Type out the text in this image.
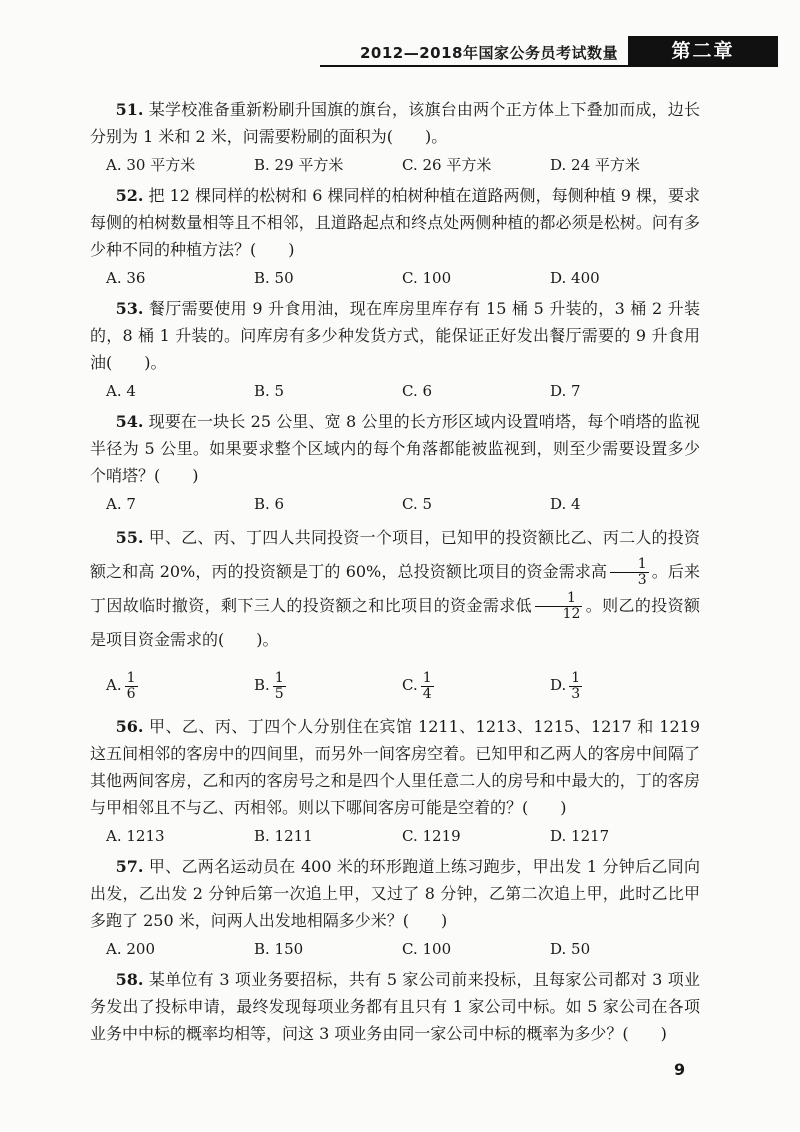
2012—2018年国家公务员考试数量	第二章

51. 某学校准备重新粉刷升国旗的旗台，该旗台由两个正方体上下叠加而成，边长分别为 1 米和 2 米，问需要粉刷的面积为(　　)。

A. 30 平方米	B. 29 平方米	C. 26 平方米	D. 24 平方米

52. 把 12 棵同样的松树和 6 棵同样的柏树种植在道路两侧，每侧种植 9 棵，要求每侧的柏树数量相等且不相邻，且道路起点和终点处两侧种植的都必须是松树。问有多少种不同的种植方法？(　　)

A. 36	B. 50	C. 100	D. 400

53. 餐厅需要使用 9 升食用油，现在库房里库存有 15 桶 5 升装的，3 桶 2 升装的，8 桶 1 升装的。问库房有多少种发货方式，能保证正好发出餐厅需要的 9 升食用油(　　)。

A. 4	B. 5	C. 6	D. 7

54. 现要在一块长 25 公里、宽 8 公里的长方形区域内设置哨塔，每个哨塔的监视半径为 5 公里。如果要求整个区域内的每个角落都能被监视到，则至少需要设置多少个哨塔？(　　)

A. 7	B. 6	C. 5	D. 4

55. 甲、乙、丙、丁四人共同投资一个项目，已知甲的投资额比乙、丙二人的投资额之和高 20%，丙的投资额是丁的 60%，总投资额比项目的资金需求高 $\frac{1}{3}$ 。后来丁因故临时撤资，剩下三人的投资额之和比项目的资金需求低 $\frac{1}{12}$ 。则乙的投资额是项目资金需求的(　　)。

A. $\frac{1}{6}$	B. $\frac{1}{5}$	C. $\frac{1}{4}$	D. $\frac{1}{3}$

56. 甲、乙、丙、丁四个人分别住在宾馆 1211、1213、1215、1217 和 1219 这五间相邻的客房中的四间里，而另外一间客房空着。已知甲和乙两人的客房中间隔了其他两间客房，乙和丙的客房号之和是四个人里任意二人的房号和中最大的，丁的客房与甲相邻且不与乙、丙相邻。则以下哪间客房可能是空着的？(　　)

A. 1213	B. 1211	C. 1219	D. 1217

57. 甲、乙两名运动员在 400 米的环形跑道上练习跑步，甲出发 1 分钟后乙同向出发，乙出发 2 分钟后第一次追上甲，又过了 8 分钟，乙第二次追上甲，此时乙比甲多跑了 250 米，问两人出发地相隔多少米？(　　)

A. 200	B. 150	C. 100	D. 50

58. 某单位有 3 项业务要招标，共有 5 家公司前来投标，且每家公司都对 3 项业务发出了投标申请，最终发现每项业务都有且只有 1 家公司中标。如 5 家公司在各项业务中中标的概率均相等，问这 3 项业务由同一家公司中标的概率为多少？(　　)

9
